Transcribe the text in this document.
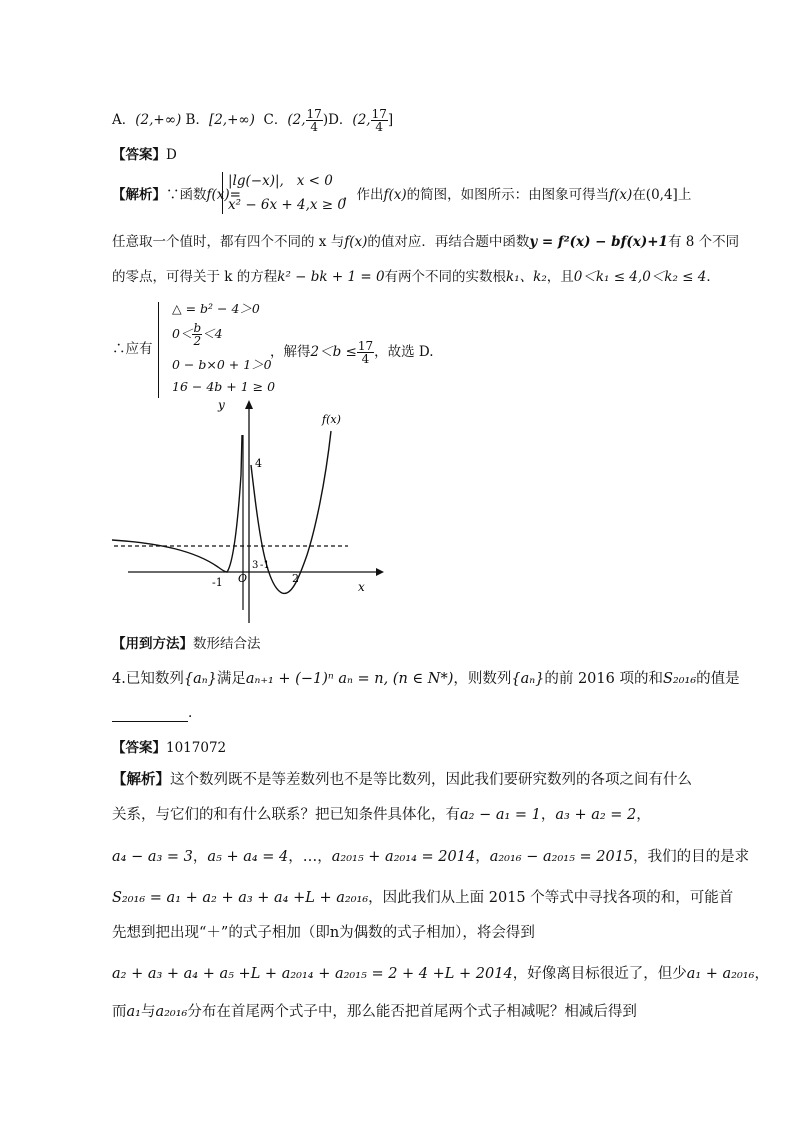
A．(2,+∞) B．[2,+∞) C．(2, $\frac{17}{4} )D$．(2, $\frac{17}{4}$ ]
【答案】D
【解析】∵函数f(x)=
|lg(−x)|, x < 0
x² − 6x + 4,x ≥ 0
，作出f(x)的简图，如图所示：由图象可得当f(x)在(0,4]上
任意取一个值时，都有四个不同的 x 与f(x)的值对应．再结合题中函数y = f²(x) − bf(x)+1有 8 个不同
的零点，可得关于 k 的方程k² − bk + 1 = 0有两个不同的实数根k₁、k₂，且0＜k₁ ≤ 4,0＜k₂ ≤ 4．
∴应有
△ = b² − 4＞0
$0< \frac{b}{2} <4$
0 − b×0 + 1＞0
16 − 4b + 1 ≥ 0
，解得$2<b \le \frac{17}{4}$ ，故选 D.
-1 O	2
4
3 -1
x
y
f(x)
【用到方法】数形结合法
4.已知数列{aₙ}满足aₙ₊₁ + (−1)ⁿ aₙ = n, (n ∈ N*)，则数列{aₙ}的前 2016 项的和S₂₀₁₆的值是
.
【答案】1017072
【解析】这个数列既不是等差数列也不是等比数列，因此我们要研究数列的各项之间有什么
关系，与它们的和有什么联系？把已知条件具体化，有a₂ − a₁ = 1，a₃ + a₂ = 2，
a₄ − a₃ = 3，a₅ + a₄ = 4，…，a₂₀₁₅ + a₂₀₁₄ = 2014，a₂₀₁₆ − a₂₀₁₅ = 2015，我们的目的是求
S₂₀₁₆ = a₁ + a₂ + a₃ + a₄ +L + a₂₀₁₆，因此我们从上面 2015 个等式中寻找各项的和，可能首
先想到把出现“＋”的式子相加（即n为偶数的式子相加），将会得到
a₂ + a₃ + a₄ + a₅ +L + a₂₀₁₄ + a₂₀₁₅ = 2 + 4 +L + 2014，好像离目标很近了，但少a₁ + a₂₀₁₆，
而a₁与a₂₀₁₆分布在首尾两个式子中，那么能否把首尾两个式子相减呢？相减后得到
